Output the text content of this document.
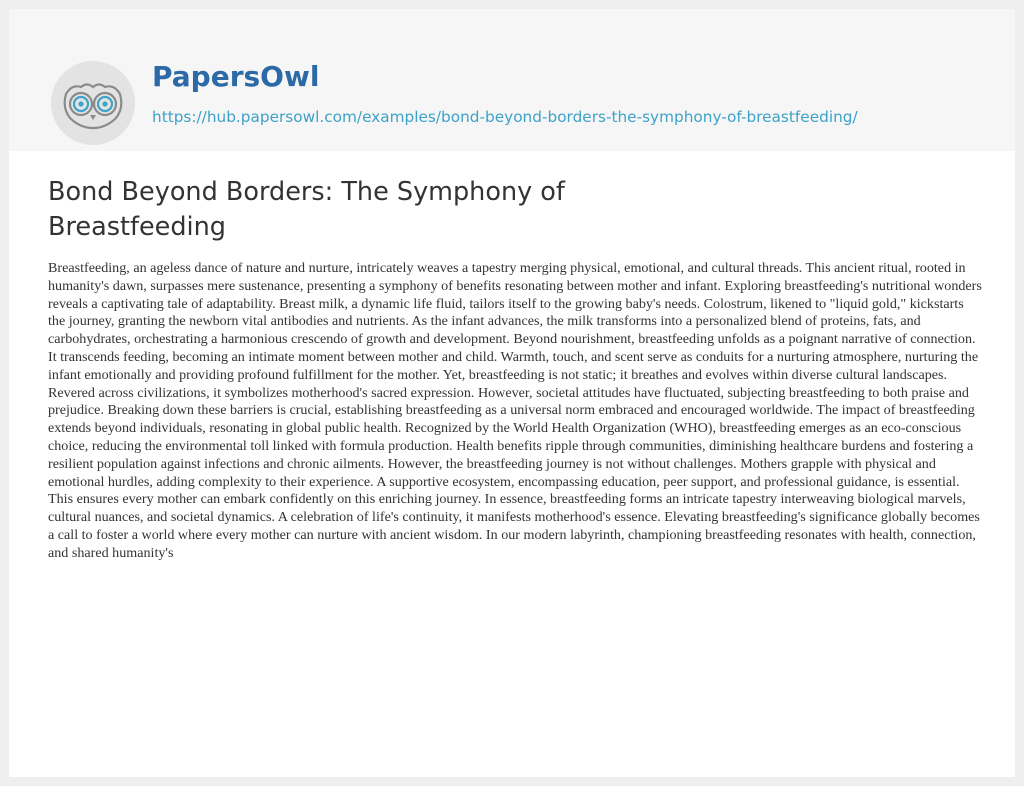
PapersOwl
https://hub.papersowl.com/examples/bond-beyond-borders-the-symphony-of-breastfeeding/
Bond Beyond Borders: The Symphony of Breastfeeding

Breastfeeding, an ageless dance of nature and nurture, intricately weaves a tapestry merging physical, emotional, and cultural threads. This ancient ritual, rooted in humanity's dawn, surpasses mere sustenance, presenting a symphony of benefits resonating between mother and infant. Exploring breastfeeding's nutritional wonders reveals a captivating tale of adaptability. Breast milk, a dynamic life fluid, tailors itself to the growing baby's needs. Colostrum, likened to "liquid gold," kickstarts the journey, granting the newborn vital antibodies and nutrients. As the infant advances, the milk transforms into a personalized blend of proteins, fats, and carbohydrates, orchestrating a harmonious crescendo of growth and development. Beyond nourishment, breastfeeding unfolds as a poignant narrative of connection. It transcends feeding, becoming an intimate moment between mother and child. Warmth, touch, and scent serve as conduits for a nurturing atmosphere, nurturing the infant emotionally and providing profound fulfillment for the mother. Yet, breastfeeding is not static; it breathes and evolves within diverse cultural landscapes. Revered across civilizations, it symbolizes motherhood's sacred expression. However, societal attitudes have fluctuated, subjecting breastfeeding to both praise and prejudice. Breaking down these barriers is crucial, establishing breastfeeding as a universal norm embraced and encouraged worldwide. The impact of breastfeeding extends beyond individuals, resonating in global public health. Recognized by the World Health Organization (WHO), breastfeeding emerges as an eco-conscious choice, reducing the environmental toll linked with formula production. Health benefits ripple through communities, diminishing healthcare burdens and fostering a resilient population against infections and chronic ailments. However, the breastfeeding journey is not without challenges. Mothers grapple with physical and emotional hurdles, adding complexity to their experience. A supportive ecosystem, encompassing education, peer support, and professional guidance, is essential. This ensures every mother can embark confidently on this enriching journey. In essence, breastfeeding forms an intricate tapestry interweaving biological marvels, cultural nuances, and societal dynamics. A celebration of life's continuity, it manifests motherhood's essence. Elevating breastfeeding's significance globally becomes a call to foster a world where every mother can nurture with ancient wisdom. In our modern labyrinth, championing breastfeeding resonates with health, connection, and shared humanity's
